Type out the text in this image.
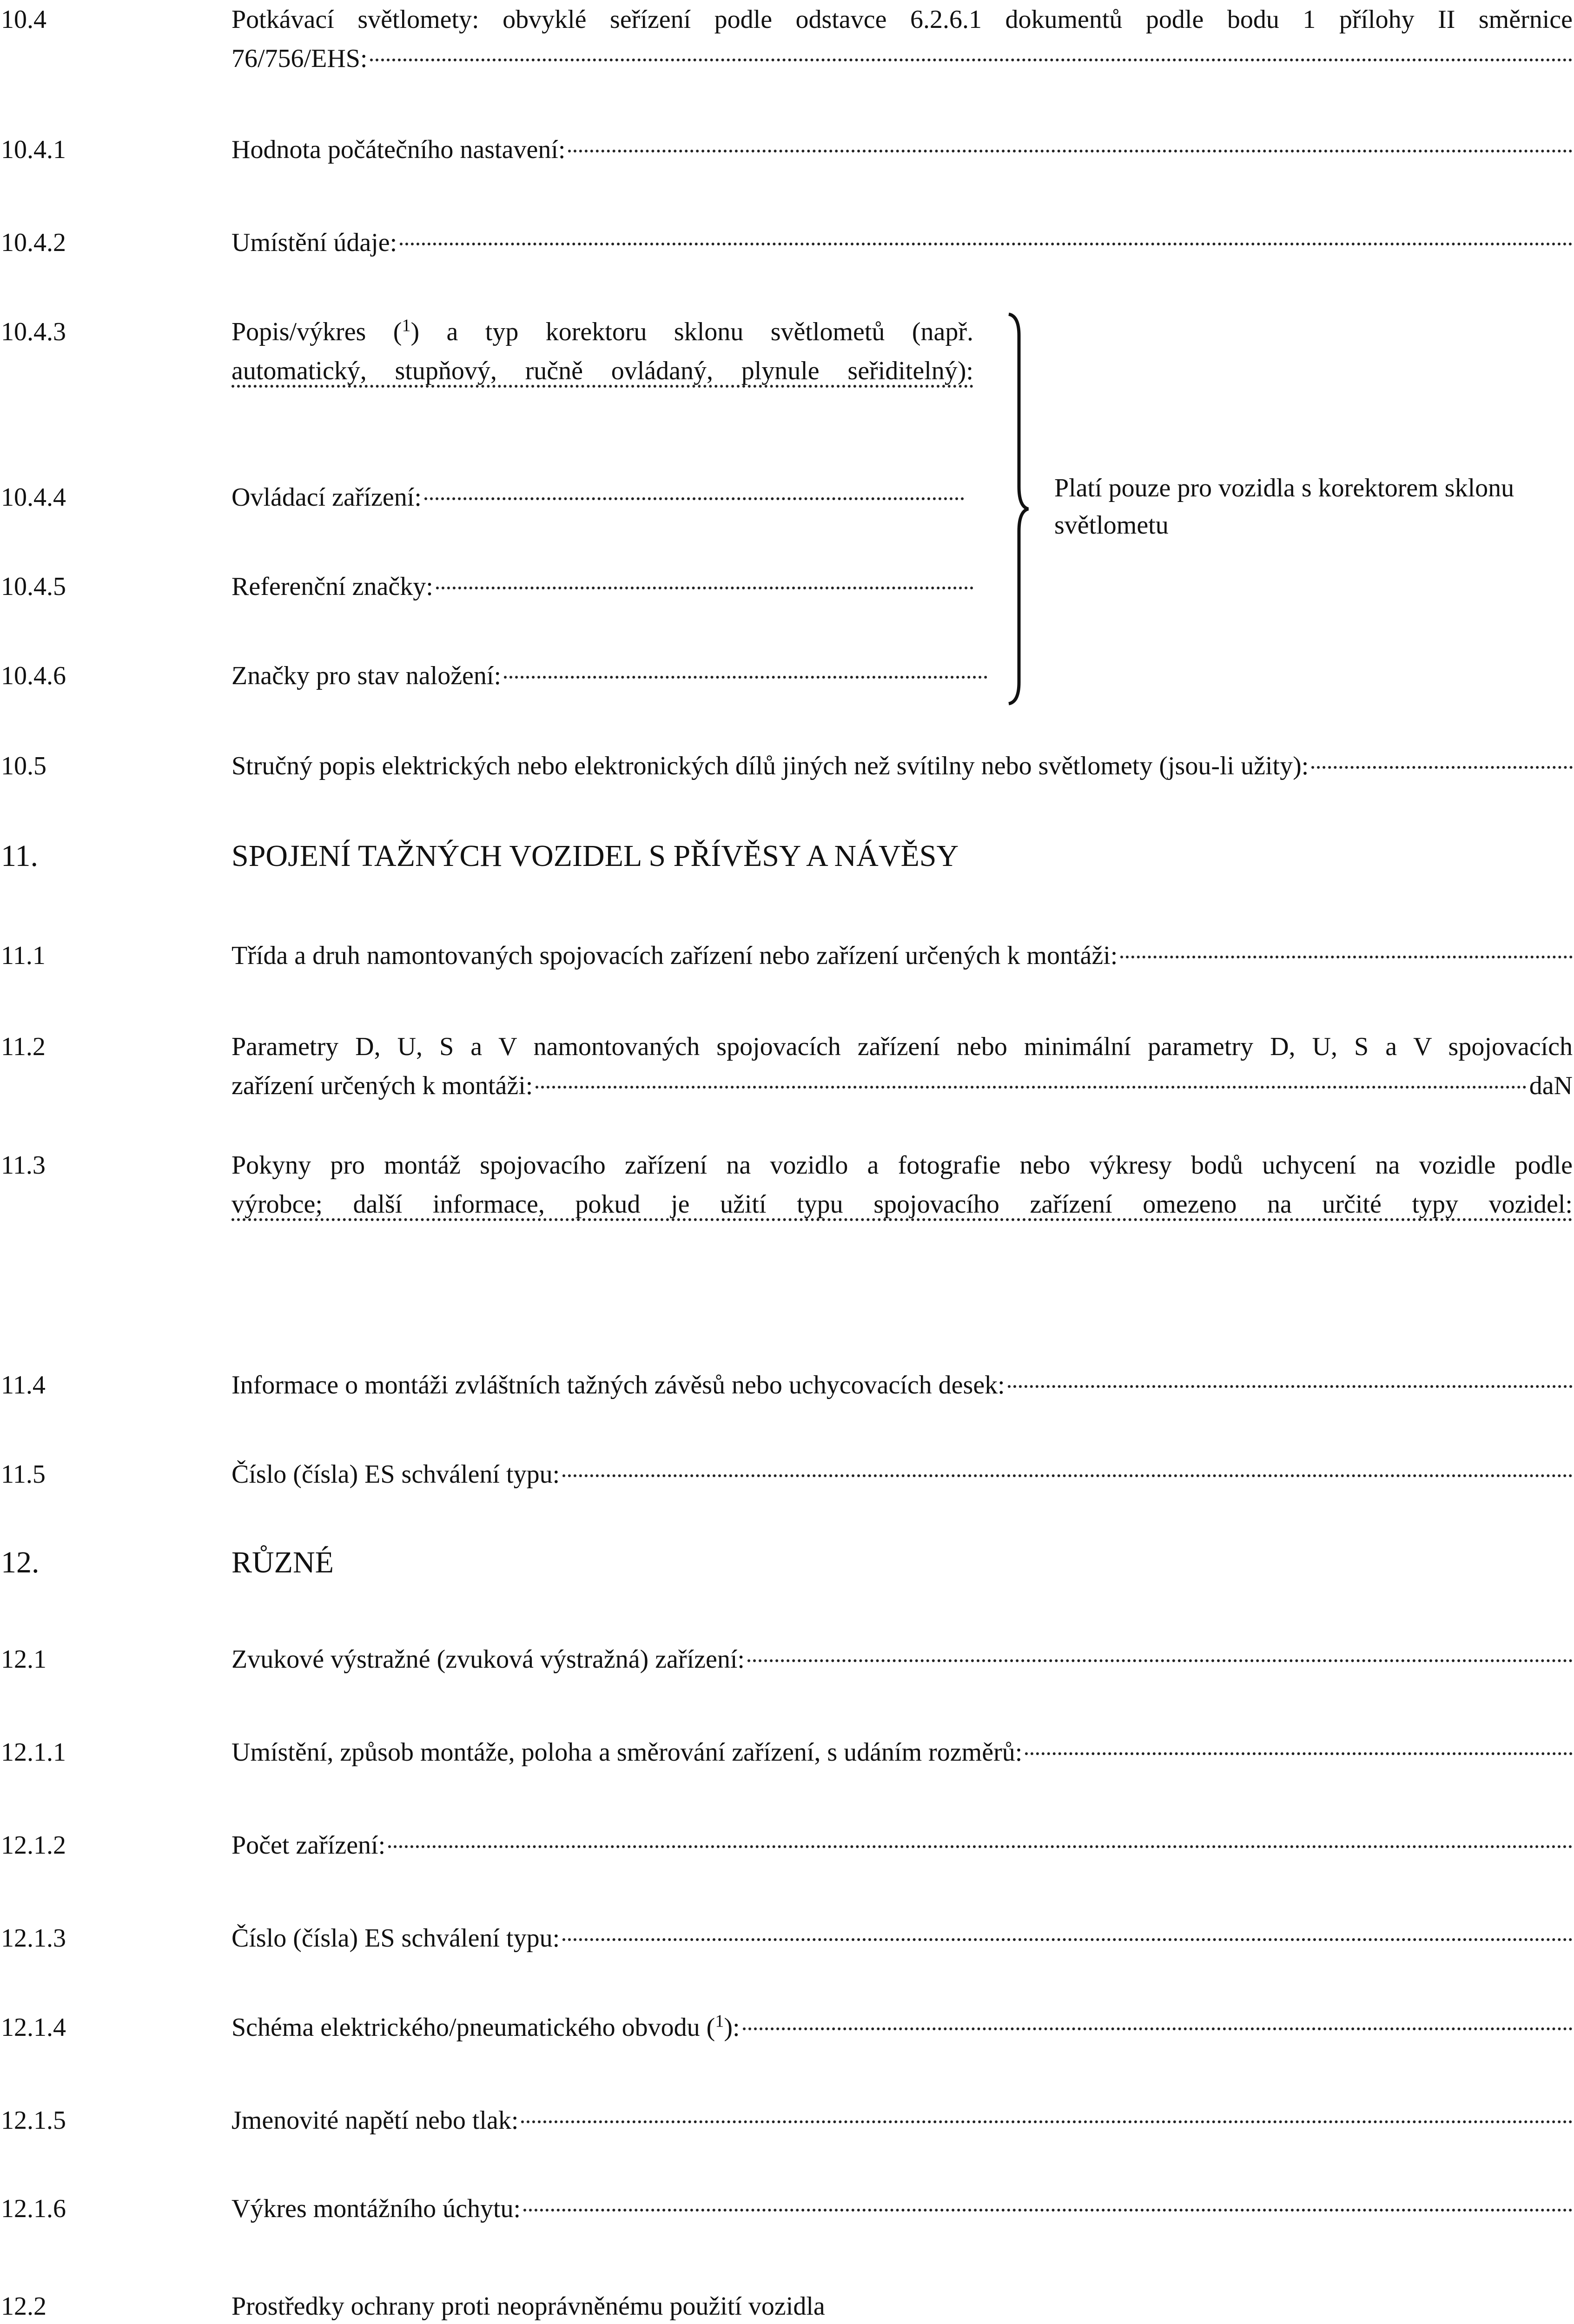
10.4	Potkávací světlomety: obvyklé seřízení podle odstavce 6.2.6.1 dokumentů podle bodu 1 přílohy II směrnice
76/756/EHS:
10.4.1	Hodnota počátečního nastavení:
10.4.2	Umístění údaje:
10.4.3	Popis/výkres ($^1$) a typ korektoru sklonu světlometů (např.
automatický, stupňový, ručně ovládaný, plynule seřiditelný):
10.4.4	Ovládací zařízení:
10.4.5	Referenční značky:
10.4.6	Značky pro stav naložení:
10.5	Stručný popis elektrických nebo elektronických dílů jiných než svítilny nebo světlomety (jsou-li užity):
11.	SPOJENÍ TAŽNÝCH VOZIDEL S PŘÍVĚSY A NÁVĚSY
11.1	Třída a druh namontovaných spojovacích zařízení nebo zařízení určených k montáži:
11.2	Parametry D, U, S a V namontovaných spojovacích zařízení nebo minimální parametry D, U, S a V spojovacích
zařízení určených k montáži:	daN
11.3	Pokyny pro montáž spojovacího zařízení na vozidlo a fotografie nebo výkresy bodů uchycení na vozidle podle
výrobce; další informace, pokud je užití typu spojovacího zařízení omezeno na určité typy vozidel:
11.4	Informace o montáži zvláštních tažných závěsů nebo uchycovacích desek:
11.5	Číslo (čísla) ES schválení typu:
12.	RŮZNÉ
12.1	Zvukové výstražné (zvuková výstražná) zařízení:
12.1.1	Umístění, způsob montáže, poloha a směrování zařízení, s udáním rozměrů:
12.1.2	Počet zařízení:
12.1.3	Číslo (čísla) ES schválení typu:
12.1.4	Schéma elektrického/pneumatického obvodu ($^1$):
12.1.5	Jmenovité napětí nebo tlak:
12.1.6	Výkres montážního úchytu:
12.2	Prostředky ochrany proti neoprávněnému použití vozidla
Platí pouze pro vozidla s korektorem sklonu světlometu
